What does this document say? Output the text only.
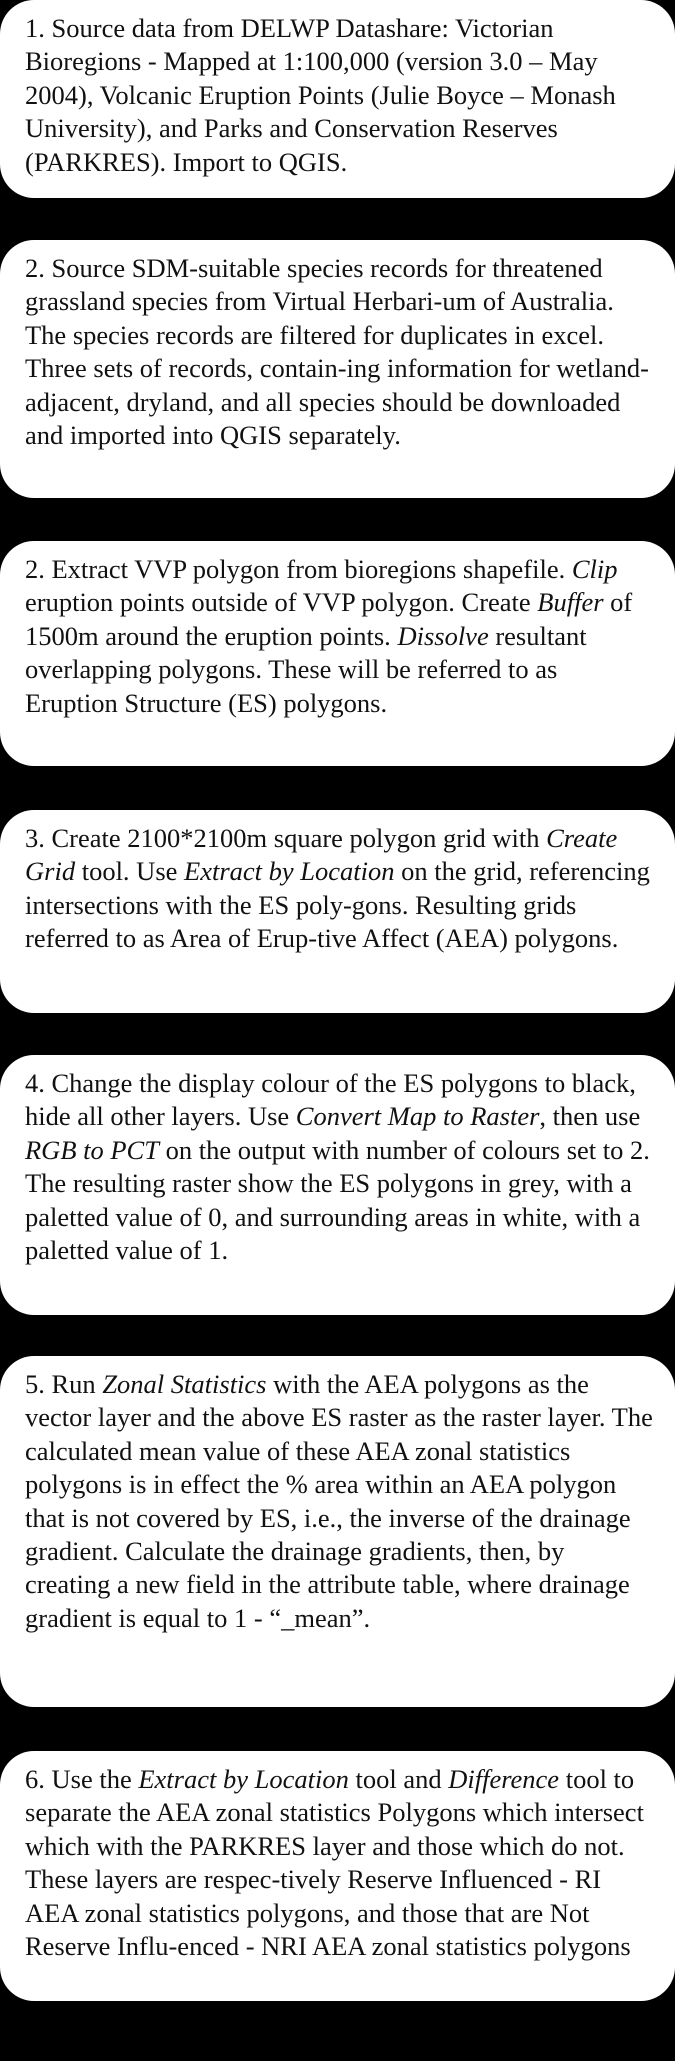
1. Source data from DELWP Datashare: Victorian Bioregions - Mapped at 1:100,000 (version 3.0 – May 2004), Volcanic Eruption Points (Julie Boyce – Monash University), and Parks and Conservation Reserves (PARKRES). Import to QGIS.

2. Source SDM-suitable species records for threatened grassland species from Virtual Herbari-um of Australia. The species records are filtered for duplicates in excel. Three sets of records, contain-ing information for wetland-adjacent, dryland, and all species should be downloaded and imported into QGIS separately.

2. Extract VVP polygon from bioregions shapefile. Clip eruption points outside of VVP polygon. Create Buffer of 1500m around the eruption points. Dissolve resultant overlapping polygons. These will be referred to as Eruption Structure (ES) polygons.

3. Create 2100*2100m square polygon grid with Create Grid tool. Use Extract by Location on the grid, referencing intersections with the ES poly-gons. Resulting grids referred to as Area of Erup-tive Affect (AEA) polygons.

4. Change the display colour of the ES polygons to black, hide all other layers. Use Convert Map to Raster, then use RGB to PCT on the output with number of colours set to 2. The resulting raster show the ES polygons in grey, with a paletted value of 0, and surrounding areas in white, with a paletted value of 1.

5. Run Zonal Statistics with the AEA polygons as the vector layer and the above ES raster as the raster layer. The calculated mean value of these AEA zonal statistics polygons is in effect the % area within an AEA polygon that is not covered by ES, i.e., the inverse of the drainage gradient. Calculate the drainage gradients, then, by creating a new field in the attribute table, where drainage gradient is equal to 1 - “_mean”.

6. Use the Extract by Location tool and Difference tool to separate the AEA zonal statistics Polygons which intersect which with the PARKRES layer and those which do not. These layers are respec-tively Reserve Influenced - RI AEA zonal statistics polygons, and those that are Not Reserve Influ-enced - NRI AEA zonal statistics polygons
